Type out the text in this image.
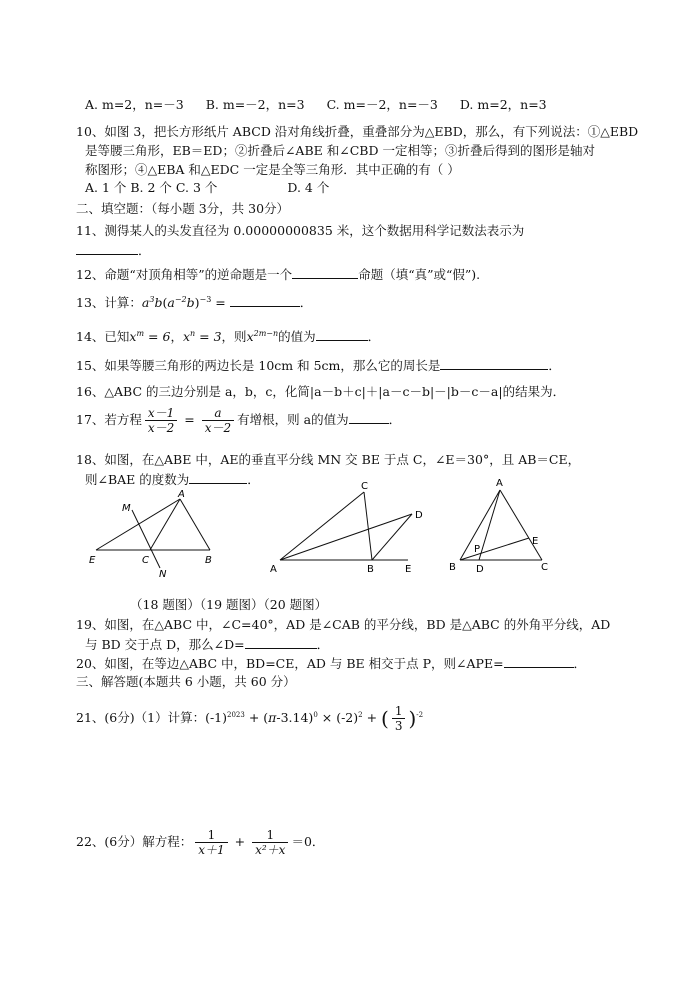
A. m=2，n=－3 B. m=－2，n=3 C. m=－2，n=－3 D. m=2，n=3
10、如图 3，把长方形纸片 ABCD 沿对角线折叠，重叠部分为△EBD，那么，有下列说法：①△EBD
是等腰三角形，EB＝ED；②折叠后∠ABE 和∠CBD 一定相等；③折叠后得到的图形是轴对
称图形；④△EBA 和△EDC 一定是全等三角形．其中正确的有（ ）
A. 1 个 B. 2 个 C. 3 个	D. 4 个
二、填空题：（每小题 3分，共 30分）
11、测得某人的头发直径为 0.00000000835 米，这个数据用科学记数法表示为
．
12、命题“对顶角相等”的逆命题是一个	命题（填“真”或“假”).
13、计算：$a^3b(a^{-2}b)^{-3}$ =	．
14、已知$x^m = 6$，$x^n = 3$，则$x^{2m-n}$的值为	．
15、如果等腰三角形的两边长是 10cm 和 5cm，那么它的周长是	．
16、△ABC 的三边分别是 a，b，c，化简|a－b＋c|＋|a－c－b|－|b－c－a|的结果为．
17、若方程 $\frac{x-1}{x-2} = \frac{a}{x-2}$ 有增根，则 a的值为	．
18、如图，在△ABE 中，AE的垂直平分线 MN 交 BE 于点 C，∠E＝30°，且 AB＝CE，
则∠BAE 的度数为	．
M
A
E	C	B
N
C
D
A	B	E
A
E
P
B D	C
（18 题图）（19 题图）（20 题图）
19、如图，在△ABC 中，∠C=40°，AD 是∠CAB 的平分线，BD 是△ABC 的外角平分线，AD
与 BD 交于点 D，那么∠D=	．
20、如图，在等边△ABC 中，BD=CE，AD 与 BE 相交于点 P，则∠APE=	．
三、解答题(本题共 6 小题，共 60 分）
21、(6分)（1）计算：$(-1)^{2023} + (\pi-3.14)^0 \times (-2)^2$ + ( $\frac{1}{3} )^{-2}$
22、(6分）解方程： $\frac{1}{x+1} + \frac{1}{\text{x²＋x}} =0$．
